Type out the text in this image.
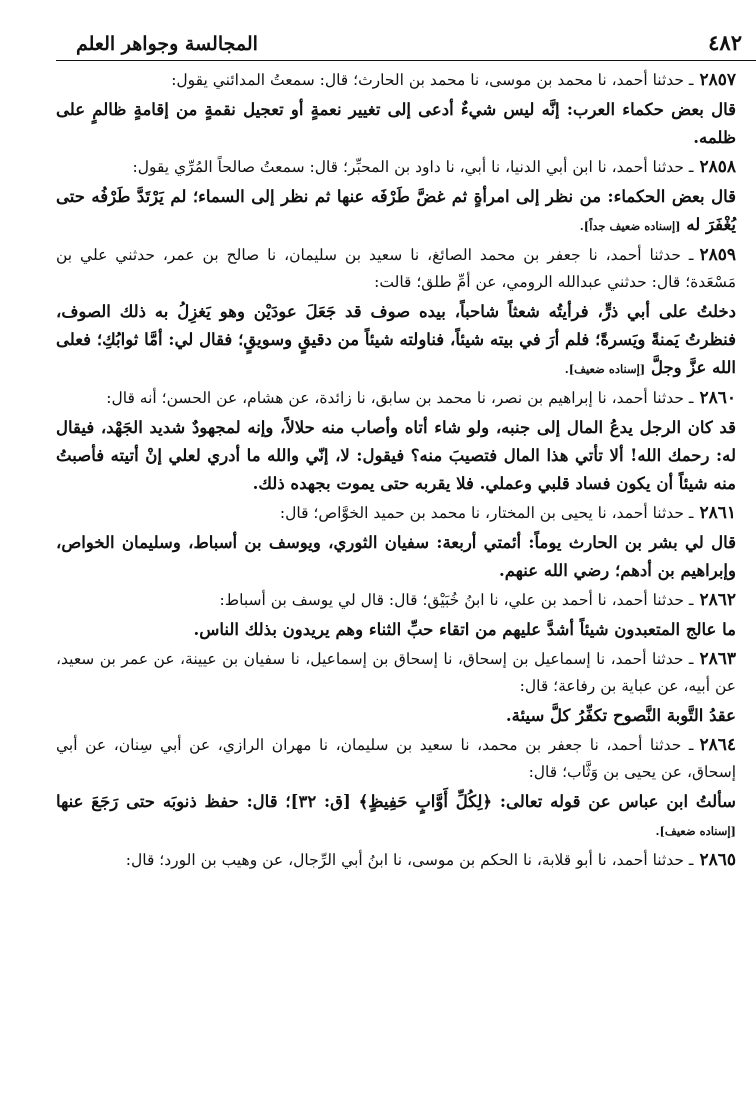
٤٨٢
المجالسة وجواهر العلم

٢٨٥٧ـ حدثنا أحمد، نا محمد بن موسى، نا محمد بن الحارث؛ قال: سمعتُ المدائني يقول:

قال بعض حكماء العرب: إنَّه ليس شيءٌ أدعى إلى تغيير نعمةٍ أو تعجيل نقمةٍ من إقامةٍ ظالمٍ على ظلمه.

٢٨٥٨ـ حدثنا أحمد، نا ابن أبي الدنيا، نا أبي، نا داود بن المحبِّر؛ قال: سمعتُ صالحاً المُرِّي يقول:

قال بعض الحكماء: من نظر إلى امرأةٍ ثم غضَّ طَرْفَه عنها ثم نظر إلى السماء؛ لم يَرْتَدَّ طَرْفُه حتى يُغْفَرَ له [إسناده ضعيف جداً].

٢٨٥٩ـ حدثنا أحمد، نا جعفر بن محمد الصائغ، نا سعيد بن سليمان، نا صالح بن عمر، حدثني علي بن مَسْعَدة؛ قال: حدثني عبدالله الرومي، عن أمِّ طلق؛ قالت:

دخلتُ على أبي ذرٍّ، فرأيتُه شعثاً شاحباً، بيده صوف قد جَعَلَ عودَيْن وهو يَغزِلُ به ذلك الصوف، فنظرتُ يَمنةً ويَسرةً؛ فلم أرَ في بيته شيئاً، فناولته شيئاً من دقيقٍ وسويقٍ؛ فقال لي: أمَّا ثوابُكِ؛ فعلى الله عزَّ وجلَّ [إسناده ضعيف].

٢٨٦٠ـ حدثنا أحمد، نا إبراهيم بن نصر، نا محمد بن سابق، نا زائدة، عن هشام، عن الحسن؛ أنه قال:

قد كان الرجل يدعُ المال إلى جنبه، ولو شاء أتاه وأصاب منه حلالاً، وإنه لمجهودٌ شديد الجَهْد، فيقال له: رحمك الله! ألا تأتي هذا المال فتصيبَ منه؟ فيقول: لا، إنّي والله ما أدري لعلي إنْ أتيته فأصبتُ منه شيئاً أن يكون فساد قلبي وعملي. فلا يقربه حتى يموت بجهده ذلك.

٢٨٦١ـ حدثنا أحمد، نا يحيى بن المختار، نا محمد بن حميد الخوَّاص؛ قال:

قال لي بشر بن الحارث يوماً: أئمتي أربعة: سفيان الثوري، ويوسف بن أسباط، وسليمان الخواص، وإبراهيم بن أدهم؛ رضي الله عنهم.

٢٨٦٢ـ حدثنا أحمد، نا أحمد بن علي، نا ابنُ خُبَيْق؛ قال: قال لي يوسف بن أسباط:

ما عالج المتعبدون شيئاً أشدَّ عليهم من اتقاء حبِّ الثناء وهم يريدون بذلك الناس.

٢٨٦٣ـ حدثنا أحمد، نا إسماعيل بن إسحاق، نا إسحاق بن إسماعيل، نا سفيان بن عيينة، عن عمر بن سعيد، عن أبيه، عن عباية بن رفاعة؛ قال:

عقدُ التَّوبة النَّصوح تكفِّرُ كلَّ سيئة.

٢٨٦٤ـ حدثنا أحمد، نا جعفر بن محمد، نا سعيد بن سليمان، نا مهران الرازي، عن أبي سِنان، عن أبي إسحاق، عن يحيى بن وَثَّاب؛ قال:

سألتُ ابن عباس عن قوله تعالى: ﴿لِكُلِّ أَوَّابٍ حَفِيظٍ﴾ [ق: ٣٢]؛ قال: حفظ ذنوبَه حتى رَجَعَ عنها [إسناده ضعيف].

٢٨٦٥ـ حدثنا أحمد، نا أبو قلابة، نا الحكم بن موسى، نا ابنُ أبي الرِّجال، عن وهيب بن الورد؛ قال:
